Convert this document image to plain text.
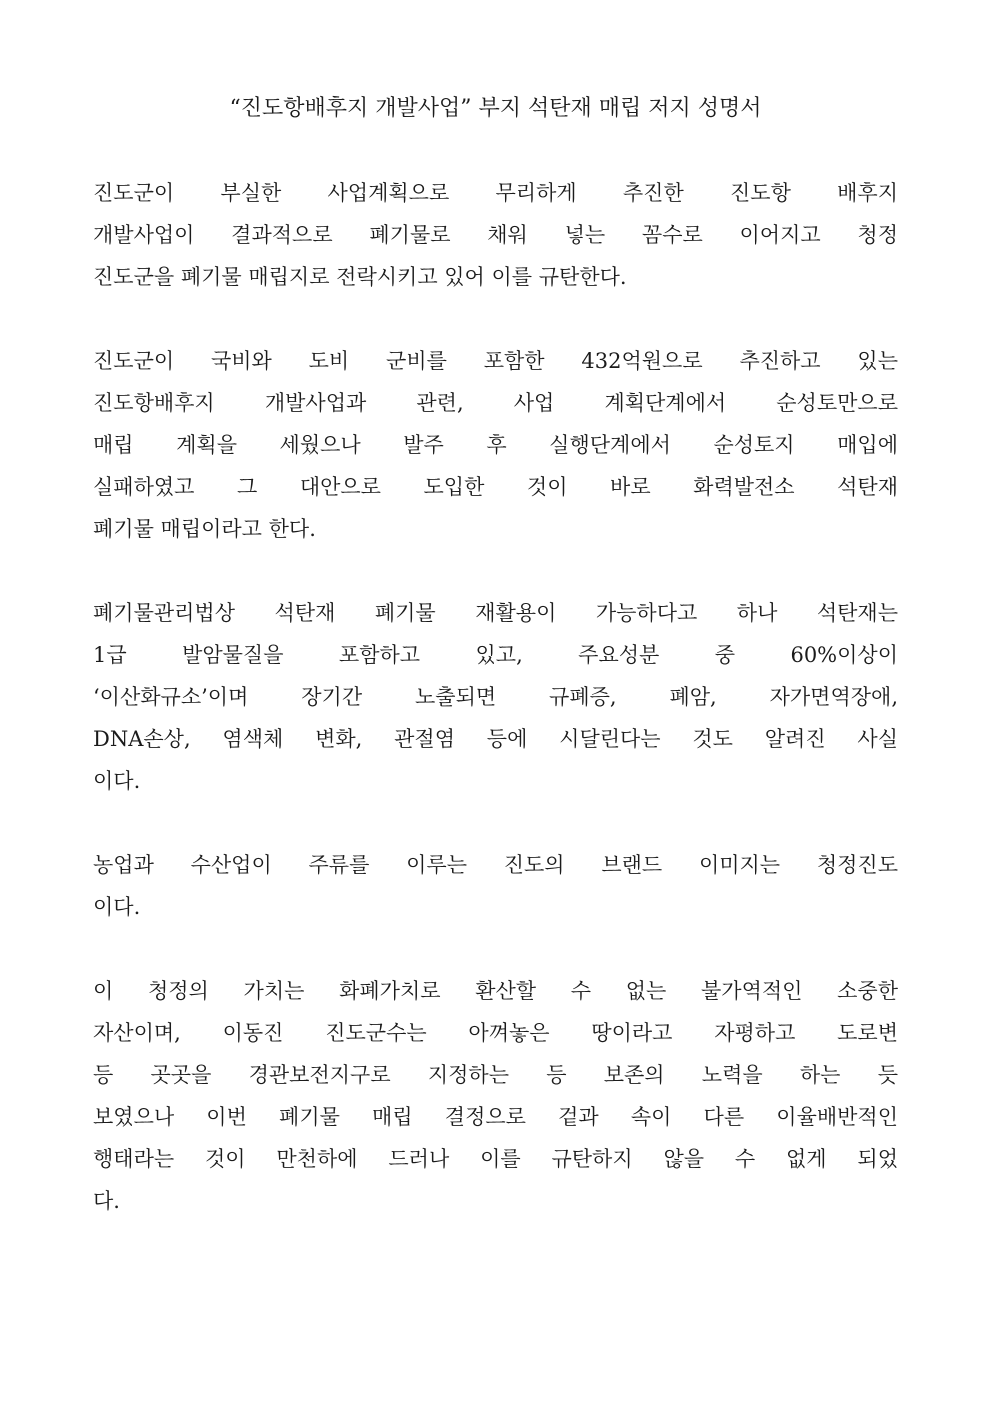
“진도항배후지 개발사업” 부지 석탄재 매립 저지 성명서
진도군이 부실한 사업계획으로 무리하게 추진한 진도항 배후지
개발사업이 결과적으로 폐기물로 채워 넣는 꼼수로 이어지고 청정
진도군을 폐기물 매립지로 전락시키고 있어 이를 규탄한다.
진도군이 국비와 도비 군비를 포함한 432억원으로 추진하고 있는
진도항배후지 개발사업과 관련, 사업 계획단계에서 순성토만으로
매립 계획을 세웠으나 발주 후 실행단계에서 순성토지 매입에
실패하였고 그 대안으로 도입한 것이 바로 화력발전소 석탄재
폐기물 매립이라고 한다.
폐기물관리법상 석탄재 폐기물 재활용이 가능하다고 하나 석탄재는
1급 발암물질을 포함하고 있고, 주요성분 중 60%이상이
‘이산화규소’이며 장기간 노출되면 규폐증, 폐암, 자가면역장애,
DNA손상, 염색체 변화, 관절염 등에 시달린다는 것도 알려진 사실
이다.
농업과 수산업이 주류를 이루는 진도의 브랜드 이미지는 청정진도
이다.
이 청정의 가치는 화폐가치로 환산할 수 없는 불가역적인 소중한
자산이며, 이동진 진도군수는 아껴놓은 땅이라고 자평하고 도로변
등 곳곳을 경관보전지구로 지정하는 등 보존의 노력을 하는 듯
보였으나 이번 폐기물 매립 결정으로 겉과 속이 다른 이율배반적인
행태라는 것이 만천하에 드러나 이를 규탄하지 않을 수 없게 되었
다.
